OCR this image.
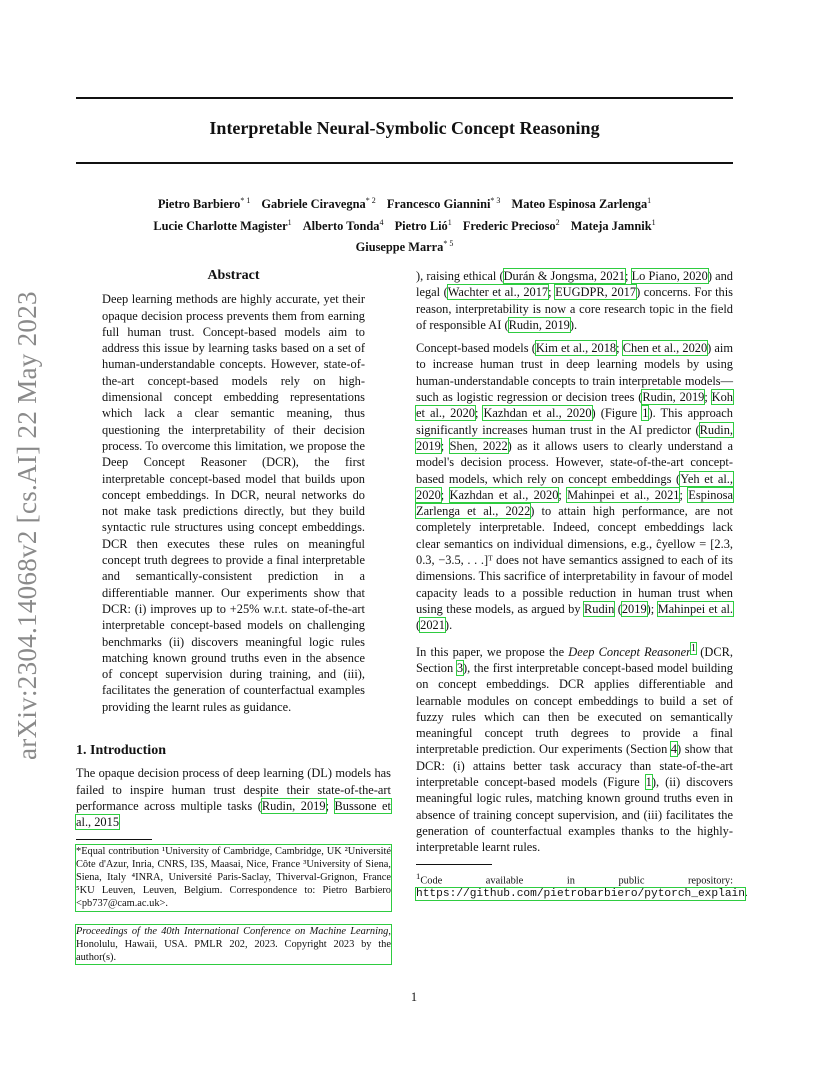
Interpretable Neural-Symbolic Concept Reasoning
Pietro Barbiero$^{* 1}$ Gabriele Ciravegna$^{* 2}$ Francesco Giannini$^{* 3}$ Mateo Espinosa Zarlenga$^1$
Lucie Charlotte Magister$^1$ Alberto Tonda$^4$ Pietro Lió$^1$ Frederic Precioso$^2$ Mateja Jamnik$^1$
Giuseppe Marra$^{* 5}$
arXiv:2304.14068v2 [cs.AI] 22 May 2023
Abstract

Deep learning methods are highly accurate, yet their opaque decision process prevents them from earning full human trust. Concept-based models aim to address this issue by learning tasks based on a set of human-understandable concepts. However, state-of-the-art concept-based models rely on high-dimensional concept embedding representations which lack a clear semantic meaning, thus questioning the interpretability of their decision process. To overcome this limitation, we propose the Deep Concept Reasoner (DCR), the first interpretable concept-based model that builds upon concept embeddings. In DCR, neural networks do not make task predictions directly, but they build syntactic rule structures using concept embeddings. DCR then executes these rules on meaningful concept truth degrees to provide a final interpretable and semantically-consistent prediction in a differentiable manner. Our experiments show that DCR: (i) improves up to +25% w.r.t. state-of-the-art interpretable concept-based models on challenging benchmarks (ii) discovers meaningful logic rules matching known ground truths even in the absence of concept supervision during training, and (iii), facilitates the generation of counterfactual examples providing the learnt rules as guidance.

1. Introduction

The opaque decision process of deep learning (DL) models has failed to inspire human trust despite their state-of-the-art performance across multiple tasks (Rudin, 2019; Bussone et al., 2015

*Equal contribution ¹University of Cambridge, Cambridge, UK ²Université Côte d'Azur, Inria, CNRS, I3S, Maasai, Nice, France ³University of Siena, Siena, Italy ⁴INRA, Université Paris-Saclay, Thiverval-Grignon, France ⁵KU Leuven, Leuven, Belgium. Correspondence to: Pietro Barbiero <pb737@cam.ac.uk>.

Proceedings of the 40th International Conference on Machine Learning, Honolulu, Hawaii, USA. PMLR 202, 2023. Copyright 2023 by the author(s).

), raising ethical (Durán & Jongsma, 2021; Lo Piano, 2020) and legal (Wachter et al., 2017; EUGDPR, 2017) concerns. For this reason, interpretability is now a core research topic in the field of responsible AI (Rudin, 2019).

Concept-based models (Kim et al., 2018; Chen et al., 2020) aim to increase human trust in deep learning models by using human-understandable concepts to train interpretable models—such as logistic regression or decision trees (Rudin, 2019; Koh et al., 2020; Kazhdan et al., 2020) (Figure 1). This approach significantly increases human trust in the AI predictor (Rudin, 2019; Shen, 2022) as it allows users to clearly understand a model's decision process. However, state-of-the-art concept-based models, which rely on concept embeddings (Yeh et al., 2020; Kazhdan et al., 2020; Mahinpei et al., 2021; Espinosa Zarlenga et al., 2022) to attain high performance, are not completely interpretable. Indeed, concept embeddings lack clear semantics on individual dimensions, e.g., ĉyellow = [2.3, 0.3, −3.5, . . .]ᵀ does not have semantics assigned to each of its dimensions. This sacrifice of interpretability in favour of model capacity leads to a possible reduction in human trust when using these models, as argued by Rudin (2019); Mahinpei et al. (2021).

In this paper, we propose the Deep Concept Reasoner$^1$ (DCR, Section 3), the first interpretable concept-based model building on concept embeddings. DCR applies differentiable and learnable modules on concept embeddings to build a set of fuzzy rules which can then be executed on semantically meaningful concept truth degrees to provide a final interpretable prediction. Our experiments (Section 4) show that DCR: (i) attains better task accuracy than state-of-the-art interpretable concept-based models (Figure 1), (ii) discovers meaningful logic rules, matching known ground truths even in absence of training concept supervision, and (iii) facilitates the generation of counterfactual examples thanks to the highly-interpretable learnt rules.

$^1$Code available in public repository: https://github.com/pietrobarbiero/pytorch_explain.

1
